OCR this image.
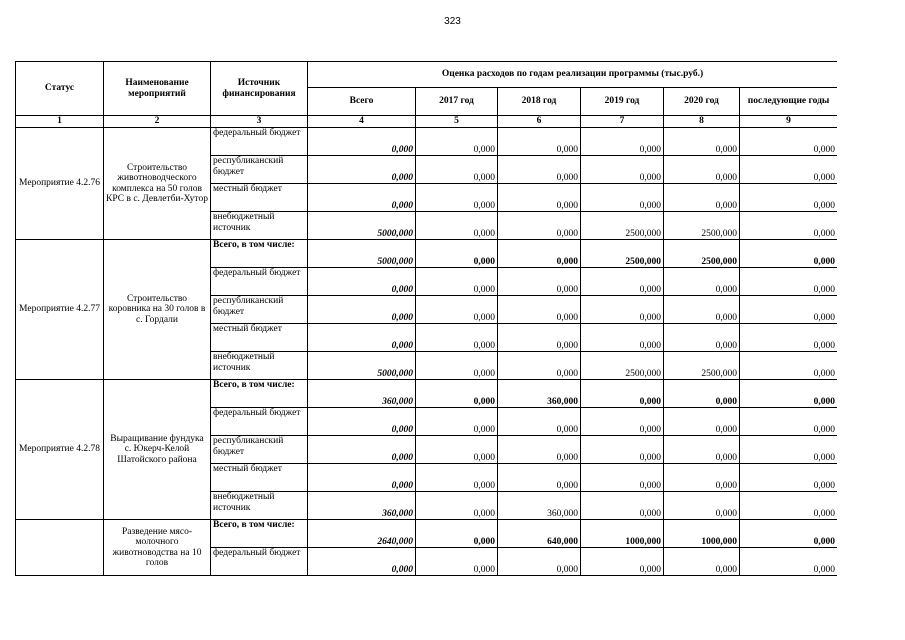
323
Статус	Наименование мероприятий	Источник финансирования	Оценка расходов по годам реализации программы (тыс.руб.)					
			Всего	2017 год	2018 год	2019 год	2020 год	последующие годы
1	2	3	4	5	6	7	8	9
Мероприятие 4.2.76	Строительство животноводческого комплекса на 50 голов КРС в с. Девлетби-Хутор	федеральный бюджет	0,000	0,000	0,000	0,000	0,000	0,000
		республиканский бюджет	0,000	0,000	0,000	0,000	0,000	0,000
		местный бюджет	0,000	0,000	0,000	0,000	0,000	0,000
		внебюджетный источник	5000,000	0,000	0,000	2500,000	2500,000	0,000
Мероприятие 4.2.77	Строительство коровника на 30 голов в с. Гордали	Всего, в том числе:	5000,000	0,000	0,000	2500,000	2500,000	0,000
		федеральный бюджет	0,000	0,000	0,000	0,000	0,000	0,000
		республиканский бюджет	0,000	0,000	0,000	0,000	0,000	0,000
		местный бюджет	0,000	0,000	0,000	0,000	0,000	0,000
		внебюджетный источник	5000,000	0,000	0,000	2500,000	2500,000	0,000
Мероприятие 4.2.78	Выращивание фундука с. Юкерч-Келой Шатойского района	Всего, в том числе:	360,000	0,000	360,000	0,000	0,000	0,000
		федеральный бюджет	0,000	0,000	0,000	0,000	0,000	0,000
		республиканский бюджет	0,000	0,000	0,000	0,000	0,000	0,000
		местный бюджет	0,000	0,000	0,000	0,000	0,000	0,000
		внебюджетный источник	360,000	0,000	360,000	0,000	0,000	0,000
	Разведение мясо-молочного животноводства на 10 голов	Всего, в том числе:	2640,000	0,000	640,000	1000,000	1000,000	0,000
		федеральный бюджет	0,000	0,000	0,000	0,000	0,000	0,000
